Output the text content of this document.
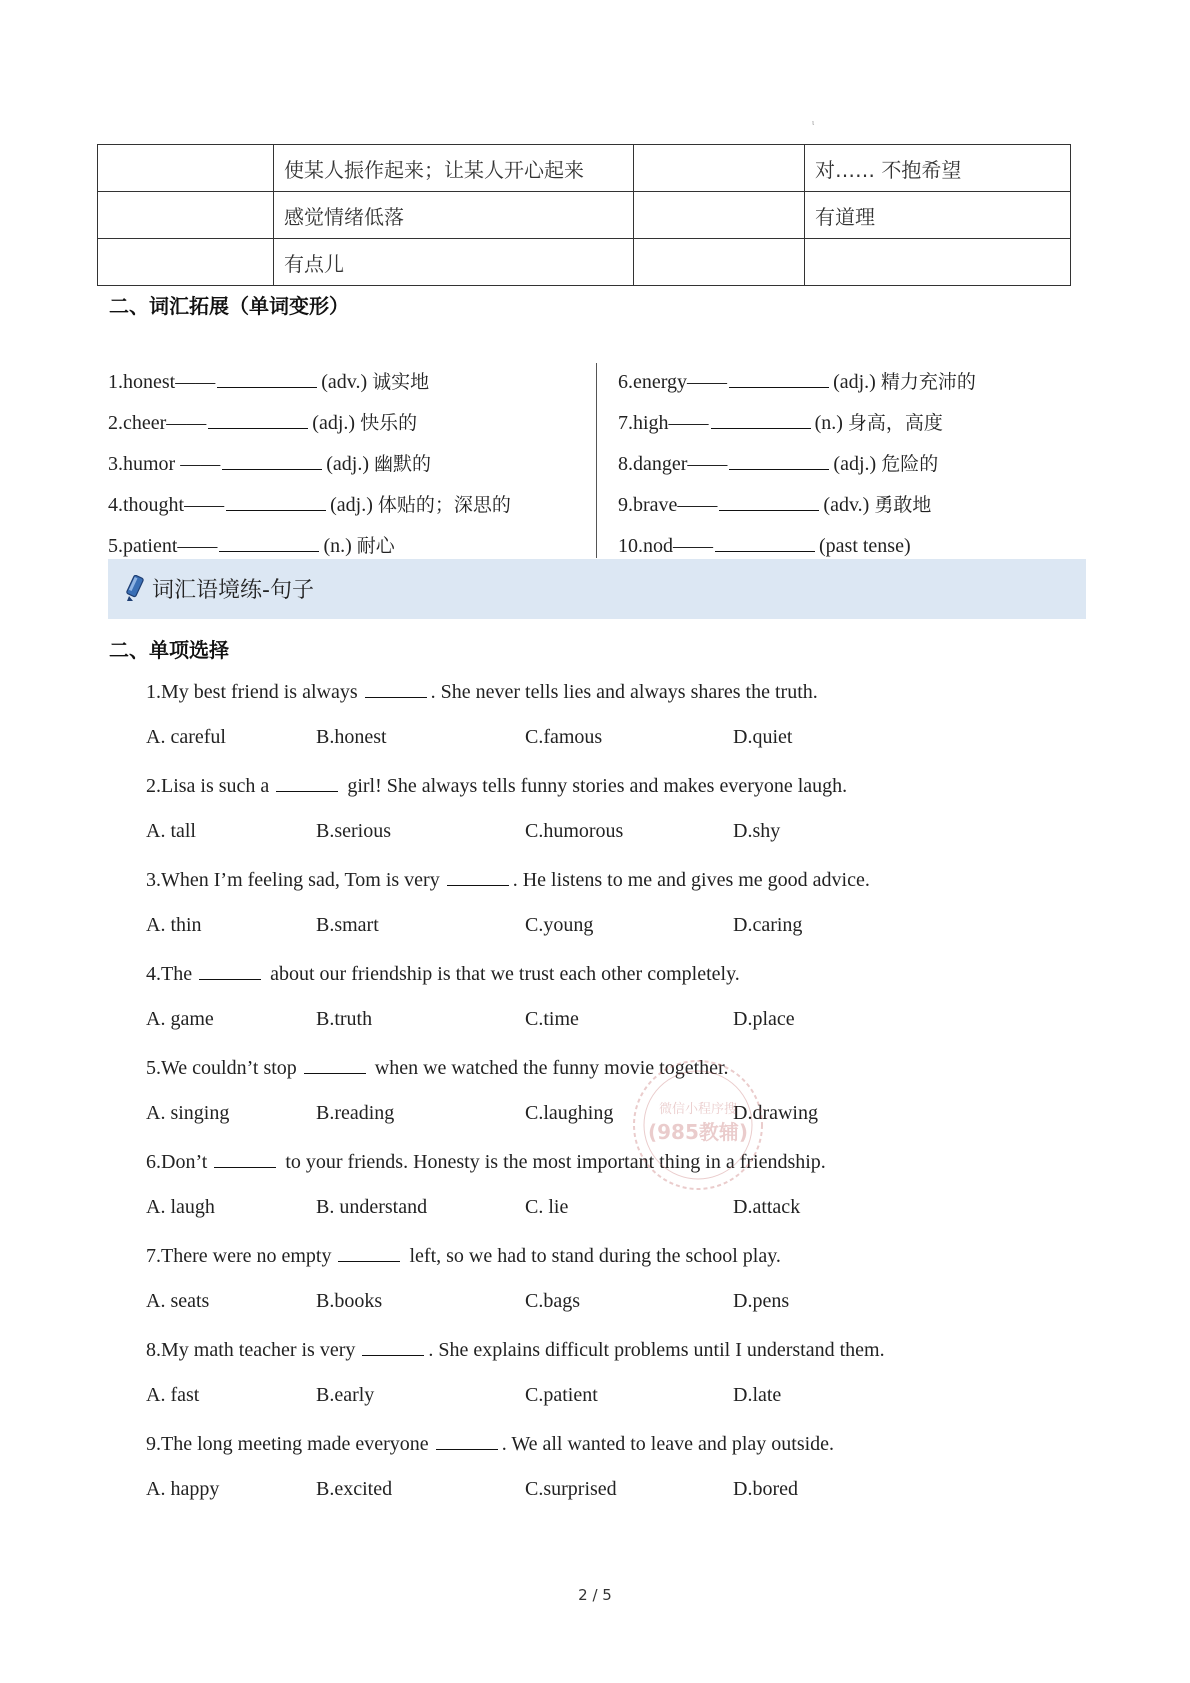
ι
	使某人振作起来；让某人开心起来		对…… 不抱希望
	感觉情绪低落		有道理
	有点儿		
二、词汇拓展（单词变形）
1.honest——	(adv.) 诚实地
2.cheer——	(adj.) 快乐的
3.humor ——	(adj.) 幽默的
4.thought——	(adj.) 体贴的；深思的
5.patient——	(n.) 耐心
6.energy——	(adj.) 精力充沛的
7.high——	(n.) 身高，高度
8.danger——	(adj.) 危险的
9.brave——	(adv.) 勇敢地
10.nod——	(past tense)
词汇语境练-句子
二、单项选择
1.My best friend is always	. She never tells lies and always shares the truth.
A. careful	B.honest	C.famous	D.quiet
2.Lisa is such a	girl! She always tells funny stories and makes everyone laugh.
A. tall	B.serious	C.humorous	D.shy
3.When I’m feeling sad, Tom is very	. He listens to me and gives me good advice.
A. thin	B.smart	C.young	D.caring
4.The	about our friendship is that we trust each other completely.
A. game	B.truth	C.time	D.place
5.We couldn’t stop	when we watched the funny movie together.
A. singing	B.reading	C.laughing	D.drawing
6.Don’t	to your friends. Honesty is the most important thing in a friendship.
A. laugh	B. understand	C. lie	D.attack
7.There were no empty	left, so we had to stand during the school play.
A. seats	B.books	C.bags	D.pens
8.My math teacher is very	. She explains difficult problems until I understand them.
A. fast	B.early	C.patient	D.late
9.The long meeting made everyone	. We all wanted to leave and play outside.
A. happy	B.excited	C.surprised	D.bored
微信小程序搜
(985教辅)
2 / 5
